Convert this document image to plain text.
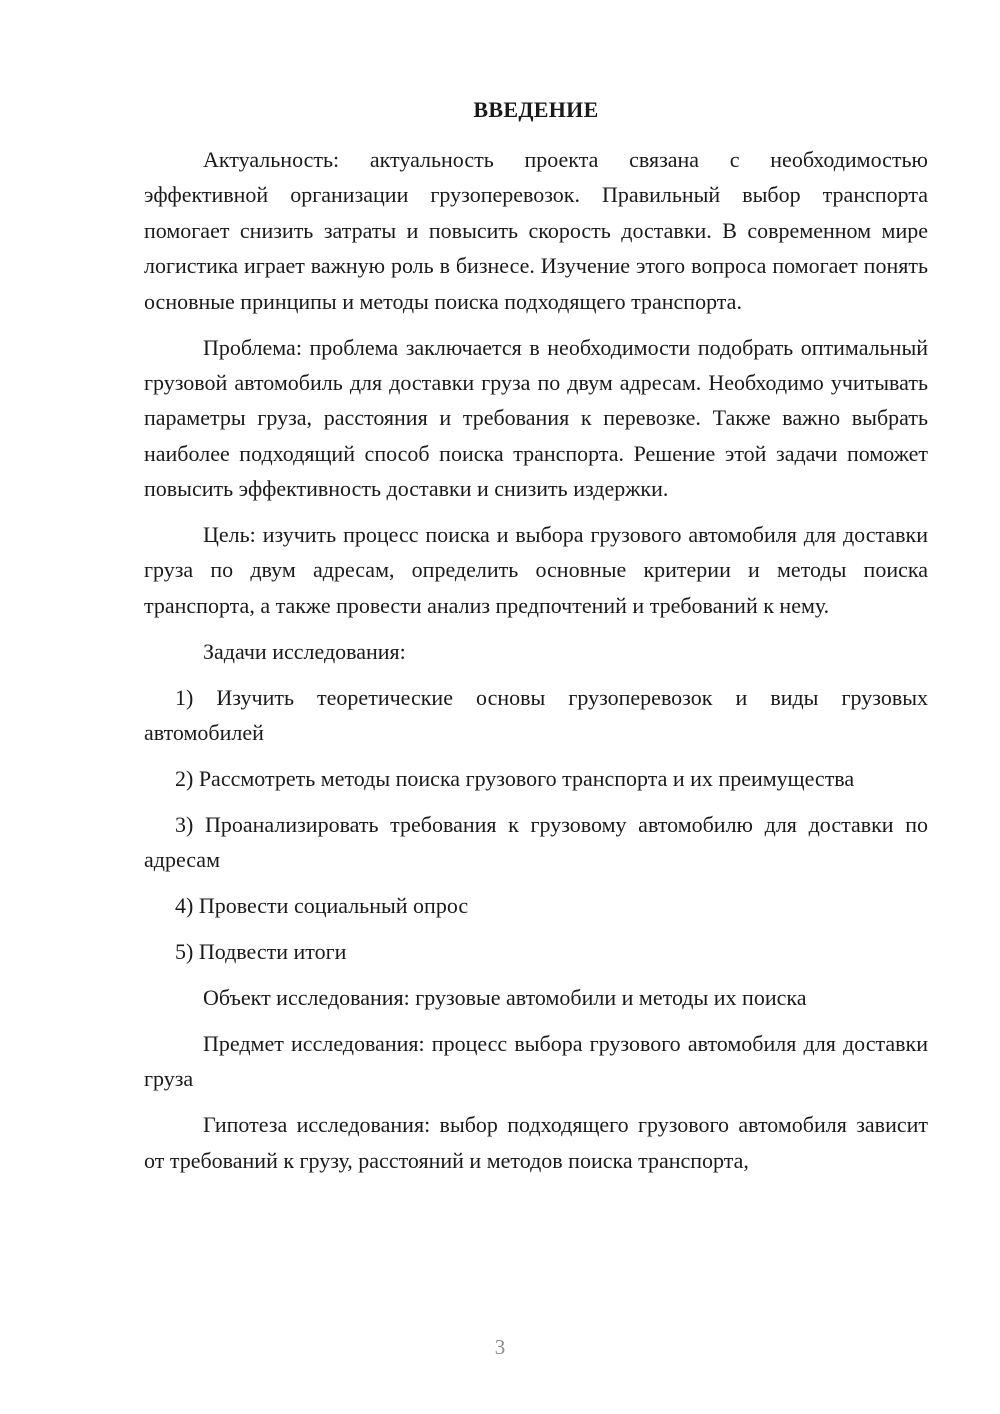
ВВЕДЕНИЕ

Актуальность: актуальность проекта связана с необходимостью эффективной организации грузоперевозок. Правильный выбор транспорта помогает снизить затраты и повысить скорость доставки. В современном мире логистика играет важную роль в бизнесе. Изучение этого вопроса помогает понять основные принципы и методы поиска подходящего транспорта.

Проблема: проблема заключается в необходимости подобрать оптимальный грузовой автомобиль для доставки груза по двум адресам. Необходимо учитывать параметры груза, расстояния и требования к перевозке. Также важно выбрать наиболее подходящий способ поиска транспорта. Решение этой задачи поможет повысить эффективность доставки и снизить издержки.

Цель: изучить процесс поиска и выбора грузового автомобиля для доставки груза по двум адресам, определить основные критерии и методы поиска транспорта, а также провести анализ предпочтений и требований к нему.

Задачи исследования:

1) Изучить теоретические основы грузоперевозок и виды грузовых автомобилей

2) Рассмотреть методы поиска грузового транспорта и их преимущества

3) Проанализировать требования к грузовому автомобилю для доставки по адресам

4) Провести социальный опрос

5) Подвести итоги

Объект исследования: грузовые автомобили и методы их поиска

Предмет исследования: процесс выбора грузового автомобиля для доставки груза

Гипотеза исследования: выбор подходящего грузового автомобиля зависит от требований к грузу, расстояний и методов поиска транспорта,

3
